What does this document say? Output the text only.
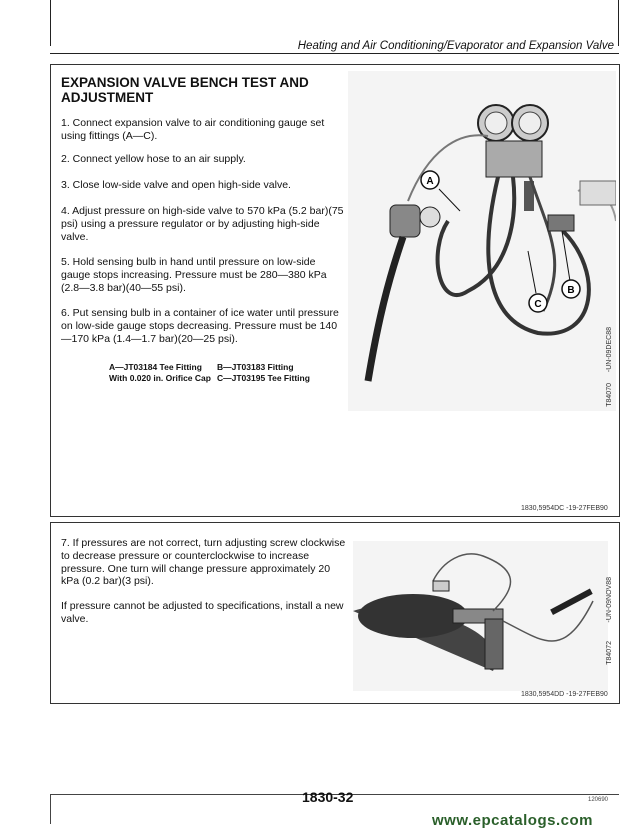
Heating and Air Conditioning/Evaporator and Expansion Valve
EXPANSION VALVE BENCH TEST AND ADJUSTMENT
1. Connect expansion valve to air conditioning gauge set using fittings (A—C).
2. Connect yellow hose to an air supply.
3. Close low-side valve and open high-side valve.
4. Adjust pressure on high-side valve to 570 kPa (5.2 bar)(75 psi) using a pressure regulator or by adjusting high-side valve.
5. Hold sensing bulb in hand until pressure on low-side gauge stops increasing. Pressure must be 280—380 kPa (2.8—3.8 bar)(40—55 psi).
6. Put sensing bulb in a container of ice water until pressure on low-side gauge stops decreasing. Pressure must be 140—170 kPa (1.4—1.7 bar)(20—25 psi).
A—JT03184 Tee Fitting With 0.020 in. Orifice Cap
B—JT03183 Fitting
C—JT03195 Tee Fitting
A
B
C
-UN-09DEC88
T84070
1830,5954DC -19-27FEB90
7. If pressures are not correct, turn adjusting screw clockwise to decrease pressure or counterclockwise to increase pressure. One turn will change pressure approximately 20 kPa (0.2 bar)(3 psi).
If pressure cannot be adjusted to specifications, install a new valve.	-UN-09NOV88
T84072
1830,5954DD -19-27FEB90
1830-32	120690
www.epcatalogs.com
